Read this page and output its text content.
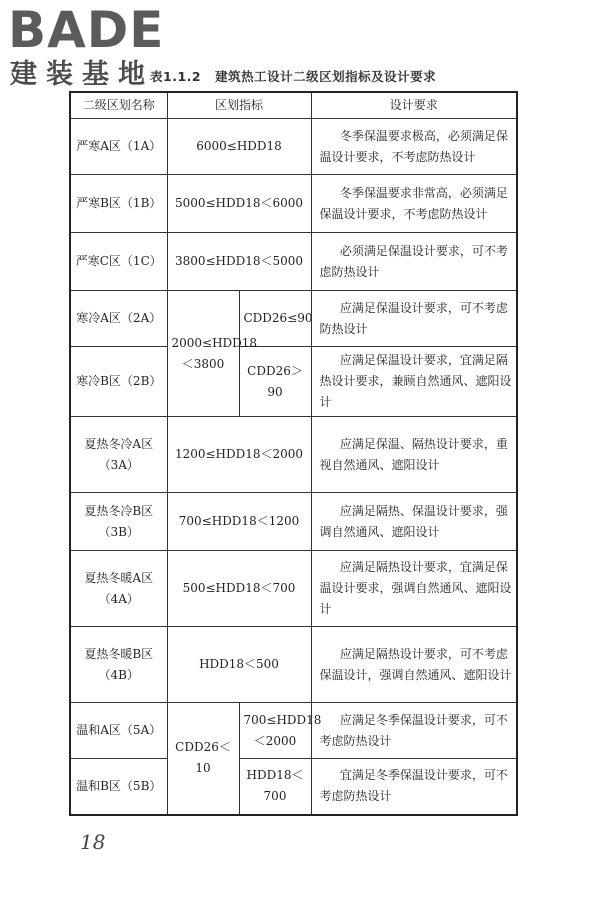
BADE
建装基地
表1.1.2 建筑热工设计二级区划指标及设计要求
二级区划名称	区划指标		设计要求
严寒A区（1A）	6000≤HDD18		冬季保温要求极高，必须满足保温设计要求，不考虑防热设计
严寒B区（1B）	5000≤HDD18＜6000		冬季保温要求非常高，必须满足保温设计要求，不考虑防热设计
严寒C区（1C）	3800≤HDD18＜5000		必须满足保温设计要求，可不考虑防热设计
寒冷A区（2A）	2000≤HDD18＜3800	CDD26≤90	应满足保温设计要求，可不考虑防热设计
寒冷B区（2B）		CDD26＞90	应满足保温设计要求，宜满足隔热设计要求，兼顾自然通风、遮阳设计
夏热冬冷A区（3A）	1200≤HDD18＜2000		应满足保温、隔热设计要求，重视自然通风、遮阳设计
夏热冬冷B区（3B）	700≤HDD18＜1200		应满足隔热、保温设计要求，强调自然通风、遮阳设计
夏热冬暖A区（4A）	500≤HDD18＜700		应满足隔热设计要求，宜满足保温设计要求，强调自然通风、遮阳设计
夏热冬暖B区（4B）	HDD18＜500		应满足隔热设计要求，可不考虑保温设计，强调自然通风、遮阳设计
温和A区（5A）	CDD26＜10	700≤HDD18＜2000	应满足冬季保温设计要求，可不考虑防热设计
温和B区（5B）		HDD18＜700	宜满足冬季保温设计要求，可不考虑防热设计
18
